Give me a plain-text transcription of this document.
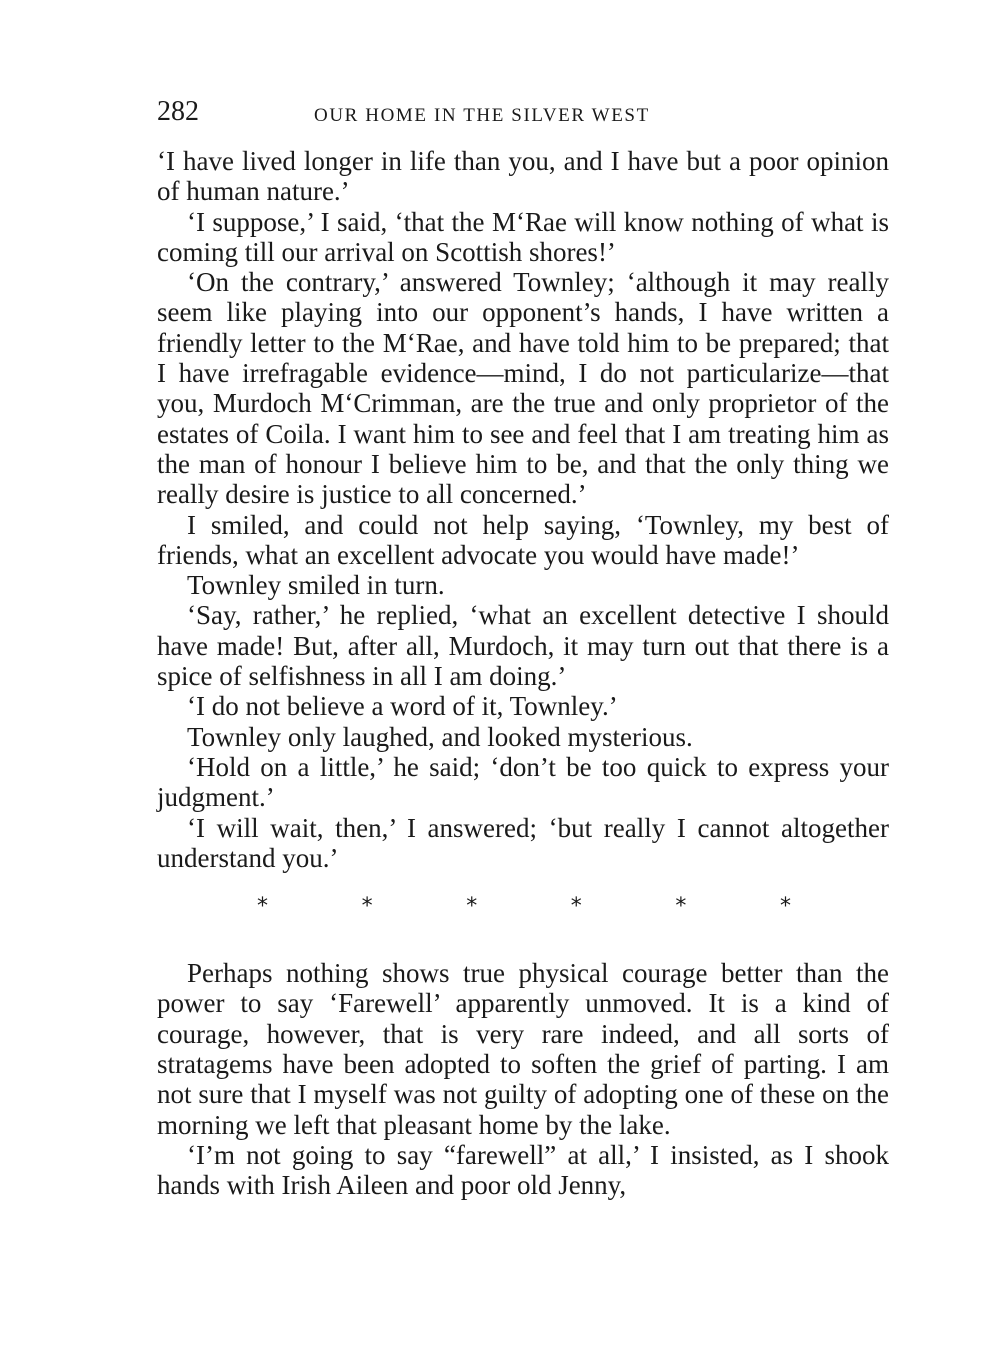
282	OUR HOME IN THE SILVER WEST

‘I have lived longer in life than you, and I have but a poor opinion of human nature.’

‘I suppose,’ I said, ‘that the M‘Rae will know nothing of what is coming till our arrival on Scottish shores!’

‘On the contrary,’ answered Townley; ‘although it may really seem like playing into our opponent’s hands, I have written a friendly letter to the M‘Rae, and have told him to be prepared; that I have irrefragable evidence—mind, I do not particularize—that you, Murdoch M‘Crimman, are the true and only proprietor of the estates of Coila. I want him to see and feel that I am treating him as the man of honour I believe him to be, and that the only thing we really desire is justice to all concerned.’

I smiled, and could not help saying, ‘Townley, my best of friends, what an excellent advocate you would have made!’

Townley smiled in turn.

‘Say, rather,’ he replied, ‘what an excellent detective I should have made! But, after all, Murdoch, it may turn out that there is a spice of selfishness in all I am doing.’

‘I do not believe a word of it, Townley.’

Townley only laughed, and looked mysterious.

‘Hold on a little,’ he said; ‘don’t be too quick to express your judgment.’

‘I will wait, then,’ I answered; ‘but really I cannot altogether understand you.’

*	*	*	*	*	*

Perhaps nothing shows true physical courage better than the power to say ‘Farewell’ apparently unmoved. It is a kind of courage, however, that is very rare indeed, and all sorts of stratagems have been adopted to soften the grief of parting. I am not sure that I myself was not guilty of adopting one of these on the morning we left that pleasant home by the lake.

‘I’m not going to say “farewell” at all,’ I insisted, as I shook hands with Irish Aileen and poor old Jenny,
